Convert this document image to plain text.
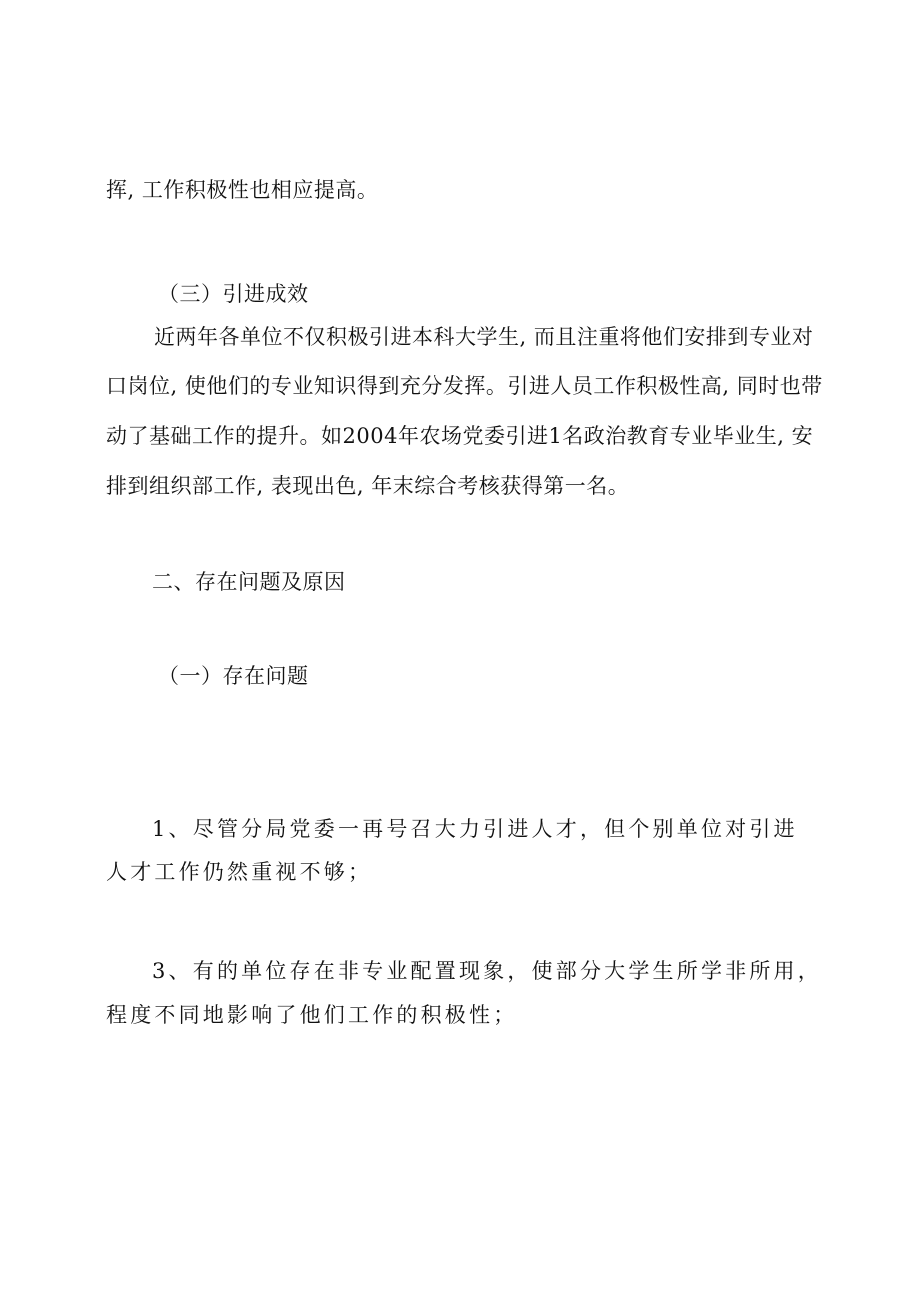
挥, 工作积极性也相应提高。
（三）引进成效
近两年各单位不仅积极引进本科大学生, 而且注重将他们安排到专业对
口岗位, 使他们的专业知识得到充分发挥。引进人员工作积极性高, 同时也带
动了基础工作的提升。如2004年农场党委引进1名政治教育专业毕业生, 安
排到组织部工作, 表现出色, 年末综合考核获得第一名。
二、存在问题及原因
（一）存在问题
1、尽管分局党委一再号召大力引进人才，但个别单位对引进
人才工作仍然重视不够；
3、有的单位存在非专业配置现象，使部分大学生所学非所用，
程度不同地影响了他们工作的积极性；
